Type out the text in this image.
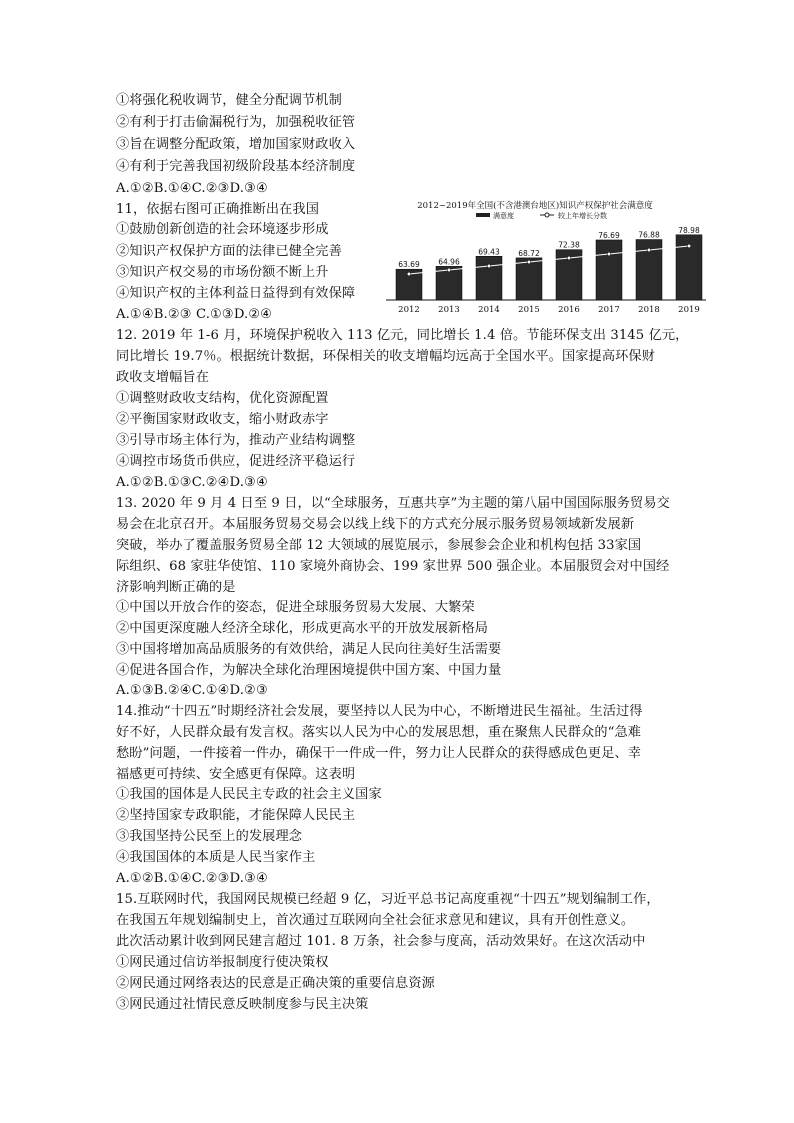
①将强化税收调节，健全分配调节机制
②有利于打击偷漏税行为，加强税收征管
③旨在调整分配政策，增加国家财政收入
④有利于完善我国初级阶段基本经济制度
A.①②B.①④C.②③D.③④
11，依据右图可正确推断出在我国
①鼓励创新创造的社会环境逐步形成
②知识产权保护方面的法律已健全完善
③知识产权交易的市场份额不断上升
④知识产权的主体利益日益得到有效保障
A.①④B.②③ C.①③D.②④
12. 2019 年 1-6 月，环境保护税收入 113 亿元，同比增长 1.4 倍。节能环保支出 3145 亿元，
同比增长 19.7％。根据统计数据，环保相关的收支增幅均远高于全国水平。国家提高环保财
政收支增幅旨在
①调整财政收支结构，优化资源配置
②平衡国家财政收支，缩小财政赤字
③引导市场主体行为，推动产业结构调整
④调控市场货币供应，促进经济平稳运行
A.①②B.①③C.②④D.③④
13. 2020 年 9 月 4 日至 9 日，以“全球服务，互惠共享”为主题的第八届中国国际服务贸易交
易会在北京召开。本届服务贸易交易会以线上线下的方式充分展示服务贸易领域新发展新
突破，举办了覆盖服务贸易全部 12 大领域的展览展示，参展参会企业和机构包括 33家国
际组织、68 家驻华使馆、110 家境外商协会、199 家世界 500 强企业。本届服贸会对中国经
济影响判断正确的是
①中国以开放合作的姿态，促进全球服务贸易大发展、大繁荣
②中国更深度融人经济全球化，形成更高水平的开放发展新格局
③中国将增加高品质服务的有效供给，满足人民向往美好生活需要
④促进各国合作，为解决全球化治理困境提供中国方案、中国力量
A.①③B.②④C.①④D.②③
14.推动“十四五”时期经济社会发展，要坚持以人民为中心，不断增进民生福祉。生活过得
好不好，人民群众最有发言权。落实以人民为中心的发展思想，重在聚焦人民群众的“急难
愁盼”问题，一件接着一件办，确保干一件成一件，努力让人民群众的获得感成色更足、幸
福感更可持续、安全感更有保障。这表明
①我国的国体是人民民主专政的社会主义国家
②坚持国家专政职能，才能保障人民民主
③我国坚持公民至上的发展理念
④我国国体的本质是人民当家作主
A.①②B.①④C.②③D.③④
15.互联网时代，我国网民规模已经超 9 亿，习近平总书记高度重视“十四五”规划编制工作，
在我国五年规划编制史上，首次通过互联网向全社会征求意见和建议，具有开创性意义。
此次活动累计收到网民建言超过 101. 8 万条，社会参与度高，活动效果好。在这次活动中
①网民通过信访举报制度行使决策权
②网民通过网络表达的民意是正确决策的重要信息资源
③网民通过社情民意反映制度参与民主决策
2012~2019年全国(不含港澳台地区)知识产权保护社会满意度
满意度	较上年增长分数
63.69
2012
64.96
2013
69.43
2014
68.72
2015
72.38
2016
76.69
2017
76.88
2018
78.98
2019
